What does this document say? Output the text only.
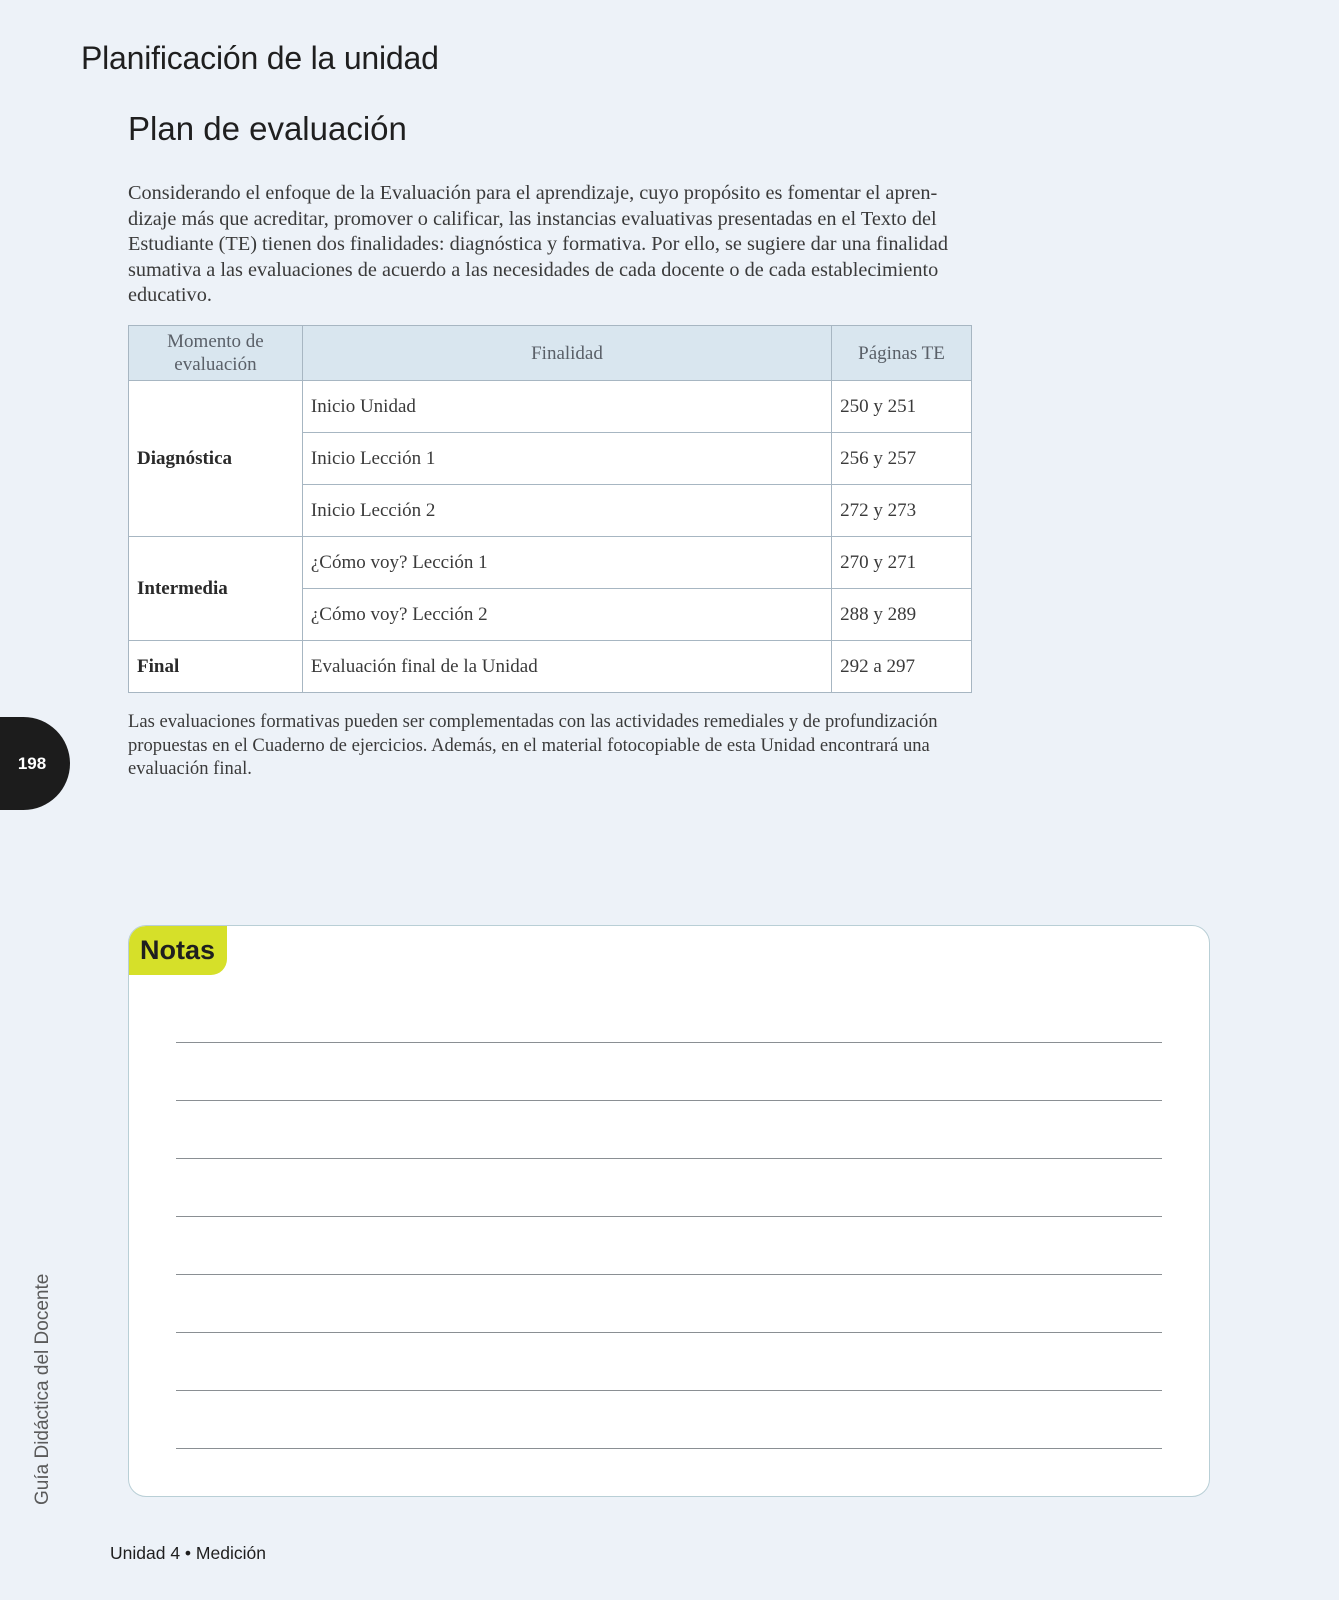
Planificación de la unidad
Plan de evaluación

Considerando el enfoque de la Evaluación para el aprendizaje, cuyo propósito es fomentar el apren-dizaje más que acreditar, promover o calificar, las instancias evaluativas presentadas en el Texto del Estudiante (TE) tienen dos finalidades: diagnóstica y formativa. Por ello, se sugiere dar una finalidad sumativa a las evaluaciones de acuerdo a las necesidades de cada docente o de cada establecimiento educativo.

Momento de evaluación	Finalidad	Páginas TE
Diagnóstica	Inicio Unidad	250 y 251
	Inicio Lección 1	256 y 257
	Inicio Lección 2	272 y 273
Intermedia	¿Cómo voy? Lección 1	270 y 271
	¿Cómo voy? Lección 2	288 y 289
Final	Evaluación final de la Unidad	292 a 297

Las evaluaciones formativas pueden ser complementadas con las actividades remediales y de profundización propuestas en el Cuaderno de ejercicios. Además, en el material fotocopiable de esta Unidad encontrará una evaluación final.

198
Guía Didáctica del Docente
Notas
Unidad 4 • Medición
